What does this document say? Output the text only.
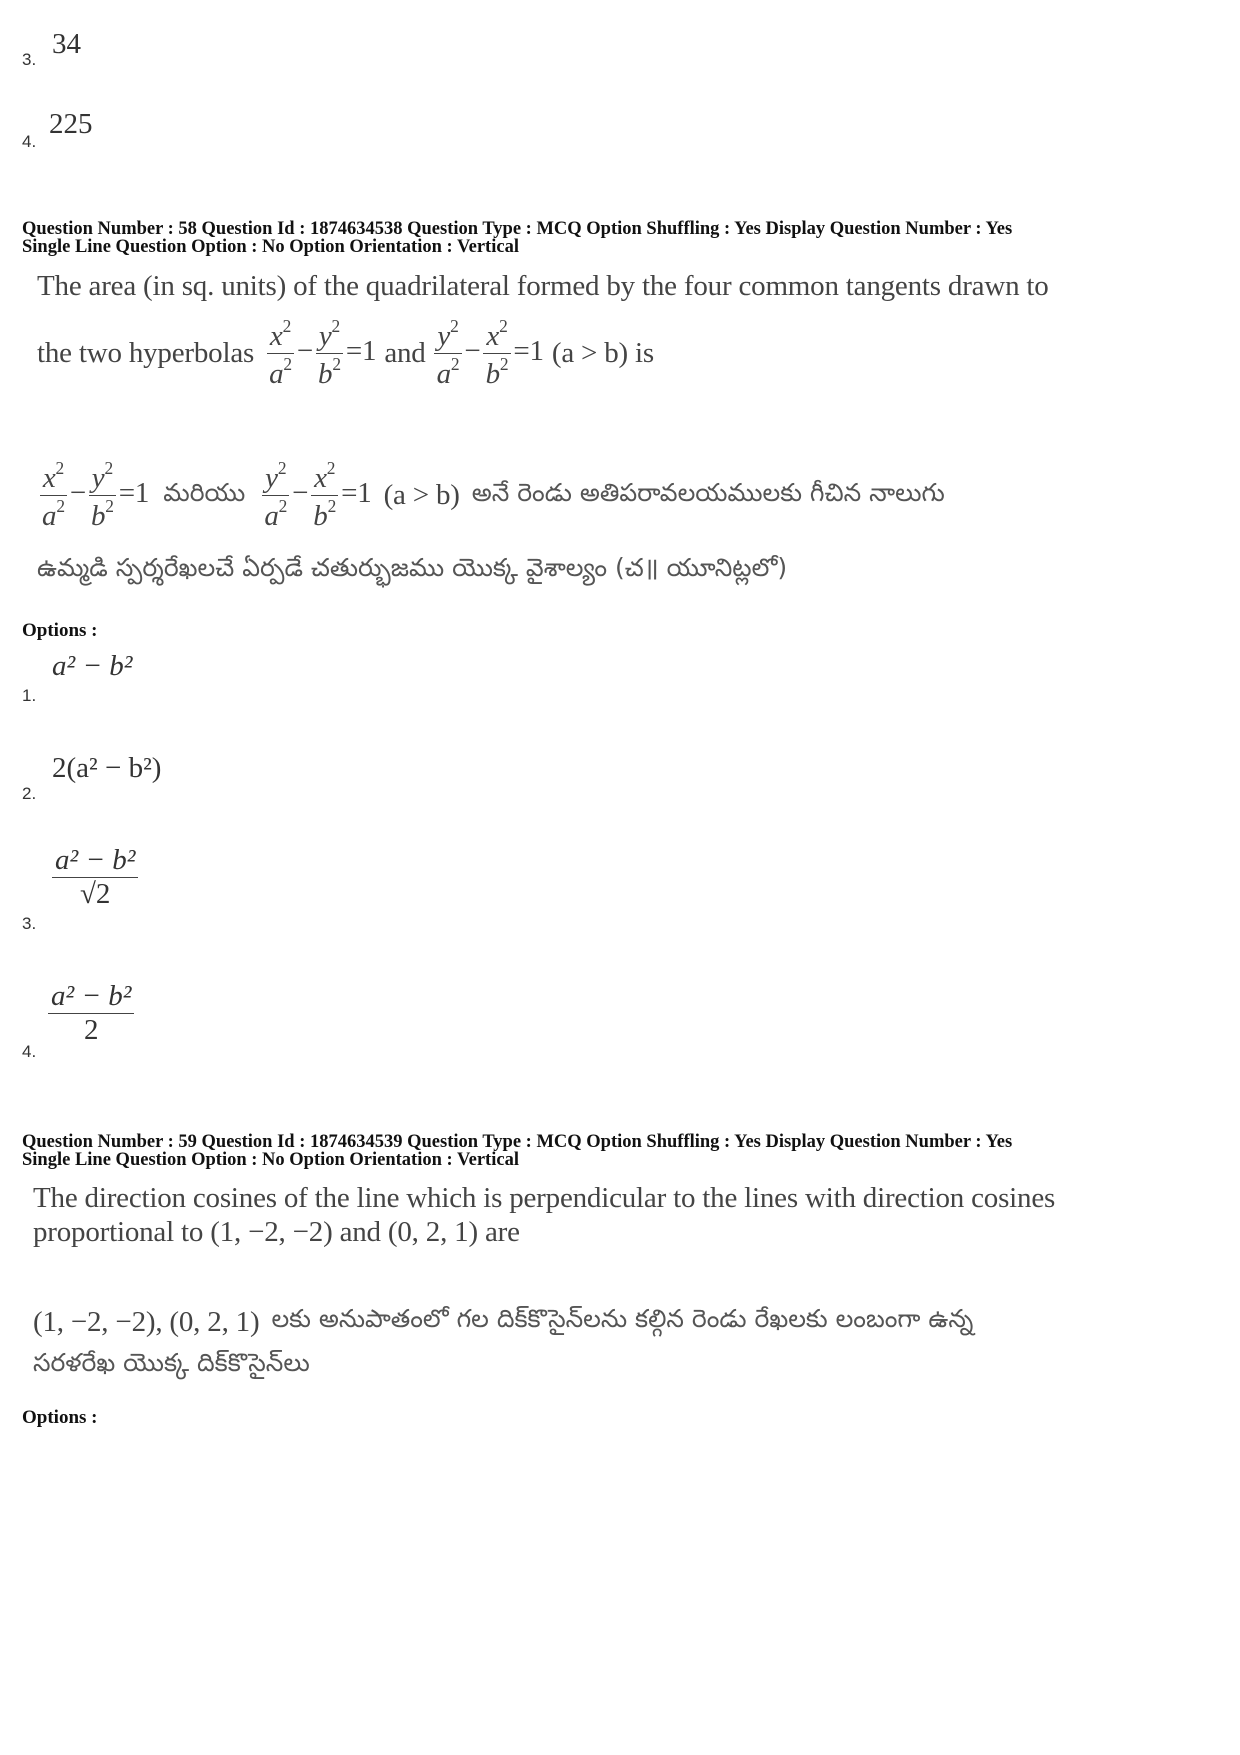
3. 34
4.
225
Question Number : 58 Question Id : 1874634538 Question Type : MCQ Option Shuffling : Yes Display Question Number : Yes
Single Line Question Option : No Option Orientation : Vertical
The area (in sq. units) of the quadrilateral formed by the four common tangents drawn to
the two hyperbolas $\frac{x^2}{a^2} - \frac{y^2}{b^2} =1$ and $\frac{y^2}{a^2} - \frac{x^2}{b^2} =1$ (a > b) is
$\frac{x^2}{a^2} - \frac{y^2}{b^2} =1$ మరియు $\frac{y^2}{a^2} - \frac{x^2}{b^2} =1$ (a > b) అనే రెండు అతిపరావలయములకు గీచిన నాలుగు
ఉమ్మడి స్పర్శరేఖలచే ఏర్పడే చతుర్భుజము యొక్క వైశాల్యం (చ॥ యూనిట్లలో)
Options :
1.
a² − b²
2.
2(a² − b²)
3.
$\frac{\text{a² − b²}}{√2}$
4.
$\frac{\text{a² − b²}}{2}$
Question Number : 59 Question Id : 1874634539 Question Type : MCQ Option Shuffling : Yes Display Question Number : Yes
Single Line Question Option : No Option Orientation : Vertical
The direction cosines of the line which is perpendicular to the lines with direction cosines
proportional to (1, −2, −2) and (0, 2, 1) are
(1, −2, −2), (0, 2, 1) లకు అనుపాతంలో గల దిక్‌కొసైన్‌లను కల్గిన రెండు రేఖలకు లంబంగా ఉన్న
సరళరేఖ యొక్క దిక్‌కొసైన్‌లు
Options :
